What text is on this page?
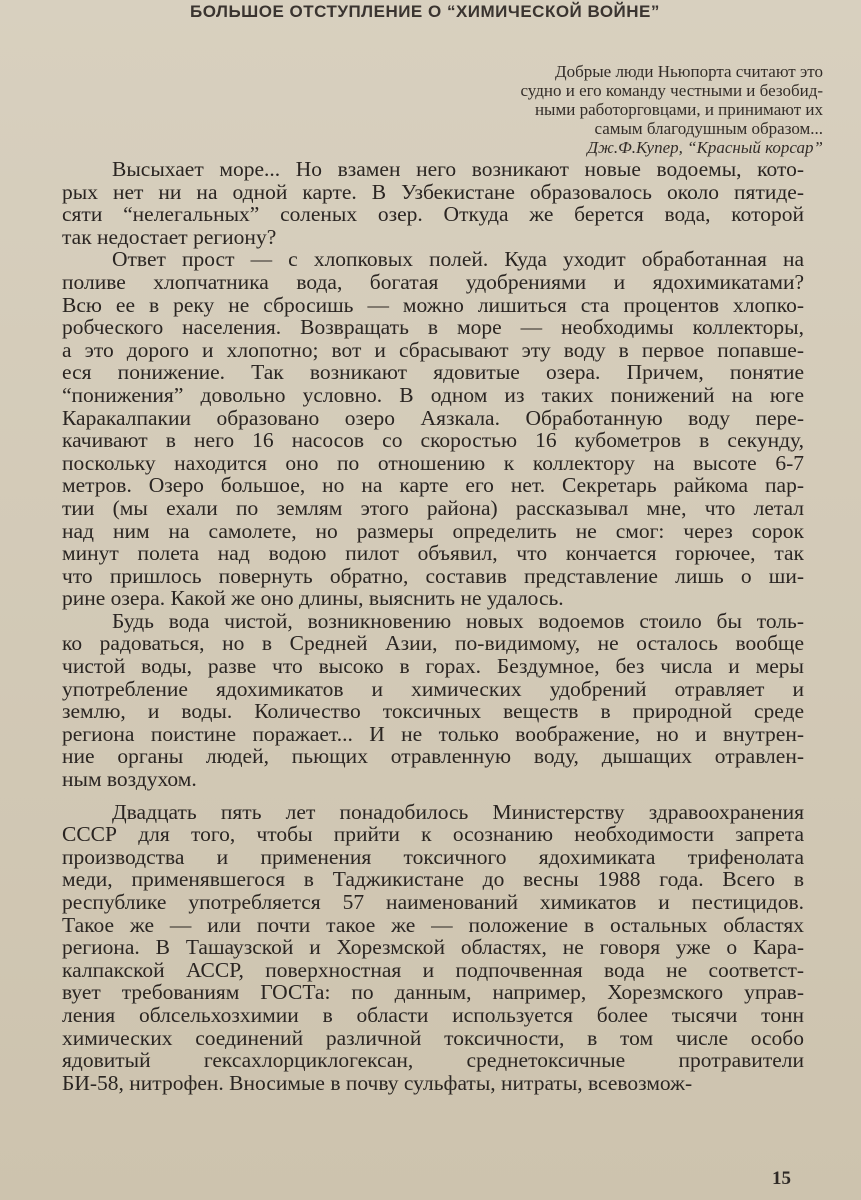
БОЛЬШОЕ ОТСТУПЛЕНИЕ О “ХИМИЧЕСКОЙ ВОЙНЕ”
Добрые люди Ньюпорта считают это
судно и его команду честными и безобид-
ными работорговцами, и принимают их
самым благодушным образом...
Дж.Ф.Купер, “Красный корсар”
Высыхает море... Но взамен него возникают новые водоемы, кото-
рых нет ни на одной карте. В Узбекистане образовалось около пятиде-
сяти “нелегальных” соленых озер. Откуда же берется вода, которой
так недостает региону?
Ответ прост — с хлопковых полей. Куда уходит обработанная на
поливе хлопчатника вода, богатая удобрениями и ядохимикатами?
Всю ее в реку не сбросишь — можно лишиться ста процентов хлопко-
робческого населения. Возвращать в море — необходимы коллекторы,
а это дорого и хлопотно; вот и сбрасывают эту воду в первое попавше-
еся понижение. Так возникают ядовитые озера. Причем, понятие
“понижения” довольно условно. В одном из таких понижений на юге
Каракалпакии образовано озеро Аязкала. Обработанную воду пере-
качивают в него 16 насосов со скоростью 16 кубометров в секунду,
поскольку находится оно по отношению к коллектору на высоте 6-7
метров. Озеро большое, но на карте его нет. Секретарь райкома пар-
тии (мы ехали по землям этого района) рассказывал мне, что летал
над ним на самолете, но размеры определить не смог: через сорок
минут полета над водою пилот объявил, что кончается горючее, так
что пришлось повернуть обратно, составив представление лишь о ши-
рине озера. Какой же оно длины, выяснить не удалось.
Будь вода чистой, возникновению новых водоемов стоило бы толь-
ко радоваться, но в Средней Азии, по-видимому, не осталось вообще
чистой воды, разве что высоко в горах. Бездумное, без числа и меры
употребление ядохимикатов и химических удобрений отравляет и
землю, и воды. Количество токсичных веществ в природной среде
региона поистине поражает... И не только воображение, но и внутрен-
ние органы людей, пьющих отравленную воду, дышащих отравлен-
ным воздухом.
Двадцать пять лет понадобилось Министерству здравоохранения
СССР для того, чтобы прийти к осознанию необходимости запрета
производства и применения токсичного ядохимиката трифенолата
меди, применявшегося в Таджикистане до весны 1988 года. Всего в
республике употребляется 57 наименований химикатов и пестицидов.
Такое же — или почти такое же — положение в остальных областях
региона. В Ташаузской и Хорезмской областях, не говоря уже о Кара-
калпакской АССР, поверхностная и подпочвенная вода не соответст-
вует требованиям ГОСТа: по данным, например, Хорезмского управ-
ления облсельхозхимии в области используется более тысячи тонн
химических соединений различной токсичности, в том числе особо
ядовитый гексахлорциклогексан, среднетоксичные протравители
БИ-58, нитрофен. Вносимые в почву сульфаты, нитраты, всевозмож-
15
